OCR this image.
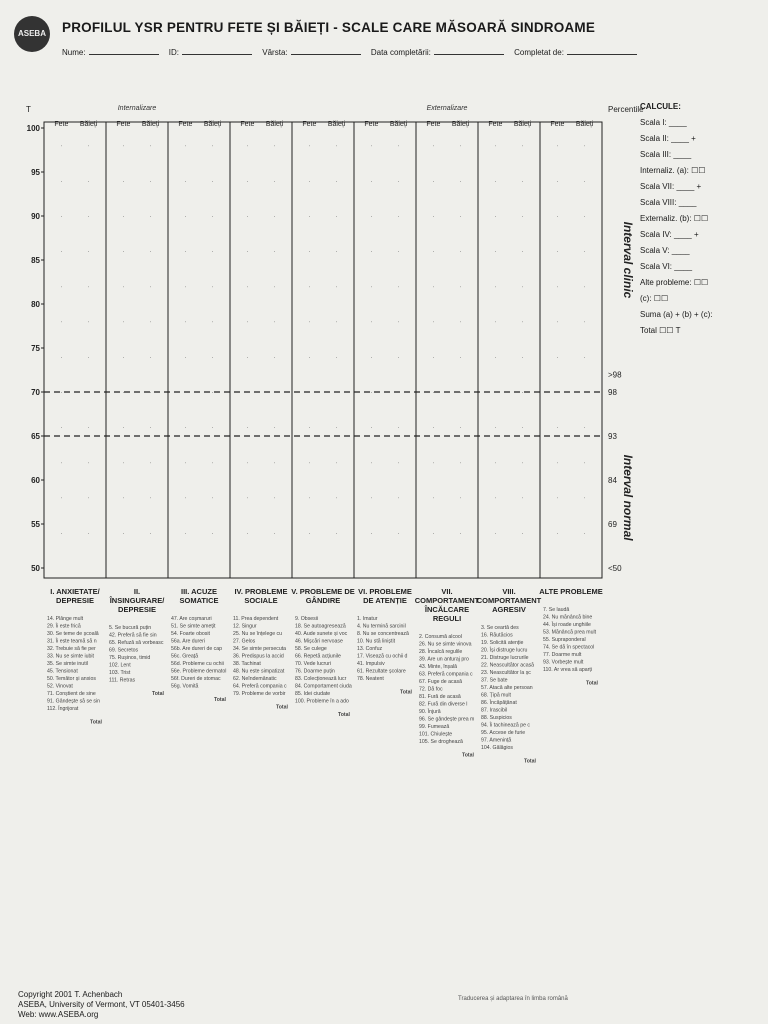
ASEBA PROFILUL YSR PENTRU FETE ȘI BĂIEȚI - SCALE CARE MĂSOARĂ SINDROAME
Nume:	ID:	Vârsta:	Data completării:	Completat de:
Internalizare	Externalizare
T
100
95
90
85
80
75
70
65
60
55
50
Percentile
>98
98
93
84
69
<50
Interval clinic
Interval normal
Fete Băieți
·
·
·
·
·
·
·
·
·
·
·
·
·
·
·
·
·
·
·
·
·
·
·
·
I. ANXIETATE/
DEPRESIE
14. Plânge mult
29. Îi este frică
30. Se teme de școală
31. Îi este teamă să n
32. Trebuie să fie per
33. Nu se simte iubit
35. Se simte inutil
45. Tensionat
50. Temător și anxios
52. Vinovat
71. Conștient de sine
91. Gândește să se sin
112. Îngrijorat
Total
Fete Băieți
·
·
·
·
·
·
·
·
·
·
·
·
·
·
·
·
·
·
·
·
·
·
·
·
II.
ÎNSINGURARE/
DEPRESIE
5. Se bucură puțin
42. Preferă să fie sin
65. Refuză să vorbeasc
69. Secretos
75. Rușinos, timid
102. Lent
103. Trist
111. Retras
Total
Fete Băieți
·
·
·
·
·
·
·
·
·
·
·
·
·
·
·
·
·
·
·
·
·
·
·
·
III. ACUZE
SOMATICE
47. Are coșmaruri
51. Se simte amețit
54. Foarte obosit
56a. Are dureri
56b. Are dureri de cap
56c. Greață
56d. Probleme cu ochii
56e. Probleme dermatol
56f. Dureri de stomac
56g. Vomită
Total
Fete Băieți
·
·
·
·
·
·
·
·
·
·
·
·
·
·
·
·
·
·
·
·
·
·
·
·
IV. PROBLEME
SOCIALE
11. Prea dependent
12. Singur
25. Nu se înțelege cu
27. Gelos
34. Se simte persecuta
36. Predispus la accid
38. Tachinat
48. Nu este simpatizat
62. Neîndemânatic
64. Preferă compania c
79. Probleme de vorbir
Total
Fete Băieți
·
·
·
·
·
·
·
·
·
·
·
·
·
·
·
·
·
·
·
·
·
·
·
·
V. PROBLEME DE
GÂNDIRE
9. Obsesii
18. Se autoagresează
40. Aude sunete și voc
46. Mișcări nervoase
58. Se culege
66. Repetă acțiunile
70. Vede lucruri
76. Doarme puțin
83. Colecționează lucr
84. Comportament ciuda
85. Idei ciudate
100. Probleme în a ado
Total
Fete Băieți
·
·
·
·
·
·
·
·
·
·
·
·
·
·
·
·
·
·
·
·
·
·
·
·
VI. PROBLEME
DE ATENȚIE
1. Imatur
4. Nu termină sarcinil
8. Nu se concentrează
10. Nu stă liniștit
13. Confuz
17. Visează cu ochii d
41. Impulsiv
61. Rezultate școlare
78. Neatent
Total
Fete Băieți
·
·
·
·
·
·
·
·
·
·
·
·
·
·
·
·
·
·
·
·
·
·
·
·
VII.
COMPORTAMENT
ÎNCĂLCARE
REGULI
2. Consumă alcool
26. Nu se simte vinova
28. Încalcă regulile
39. Are un anturaj pro
43. Minte, înșală
63. Preferă compania c
67. Fuge de acasă
72. Dă foc
81. Fură de acasă
82. Fură din diverse l
90. Înjură
96. Se gândește prea m
99. Fumează
101. Chiulește
105. Se droghează
Total
Fete Băieți
·
·
·
·
·
·
·
·
·
·
·
·
·
·
·
·
·
·
·
·
·
·
·
·
VIII.
COMPORTAMENT
AGRESIV
3. Se ceartă des
16. Răutăcios
19. Solicită atenție
20. Își distruge lucru
21. Distruge lucrurile
22. Neascultător acasă
23. Neascultător la șc
37. Se bate
57. Atacă alte persoan
68. Țipă mult
86. Încăpățânat
87. Irascibil
88. Suspicios
94. Îi tachinează pe c
95. Accese de furie
97. Amenință
104. Gălăgios
Total
Fete Băieți
·
·
·
·
·
·
·
·
·
·
·
·
·
·
·
·
·
·
·
·
·
·
·
·
ALTE PROBLEME
7. Se laudă
24. Nu mănâncă bine
44. Își roade unghiile
53. Mănâncă prea mult
55. Supraponderal
74. Se dă în spectacol
77. Doarme mult
93. Vorbește mult
110. Ar vrea să aparți
Total
CALCULE:
Scala I: ____
Scala II: ____ +
Scala III: ____
Internaliz. (a): ☐☐
Scala VII: ____ +
Scala VIII: ____
Externaliz. (b): ☐☐
Scala IV: ____ +
Scala V: ____
Scala VI: ____
Alte probleme: ☐☐
(c): ☐☐
Suma (a) + (b) + (c):
Total ☐☐ T
Copyright 2001 T. Achenbach
ASEBA, University of Vermont, VT 05401-3456
Web: www.ASEBA.org
Traducerea și adaptarea în limba română
